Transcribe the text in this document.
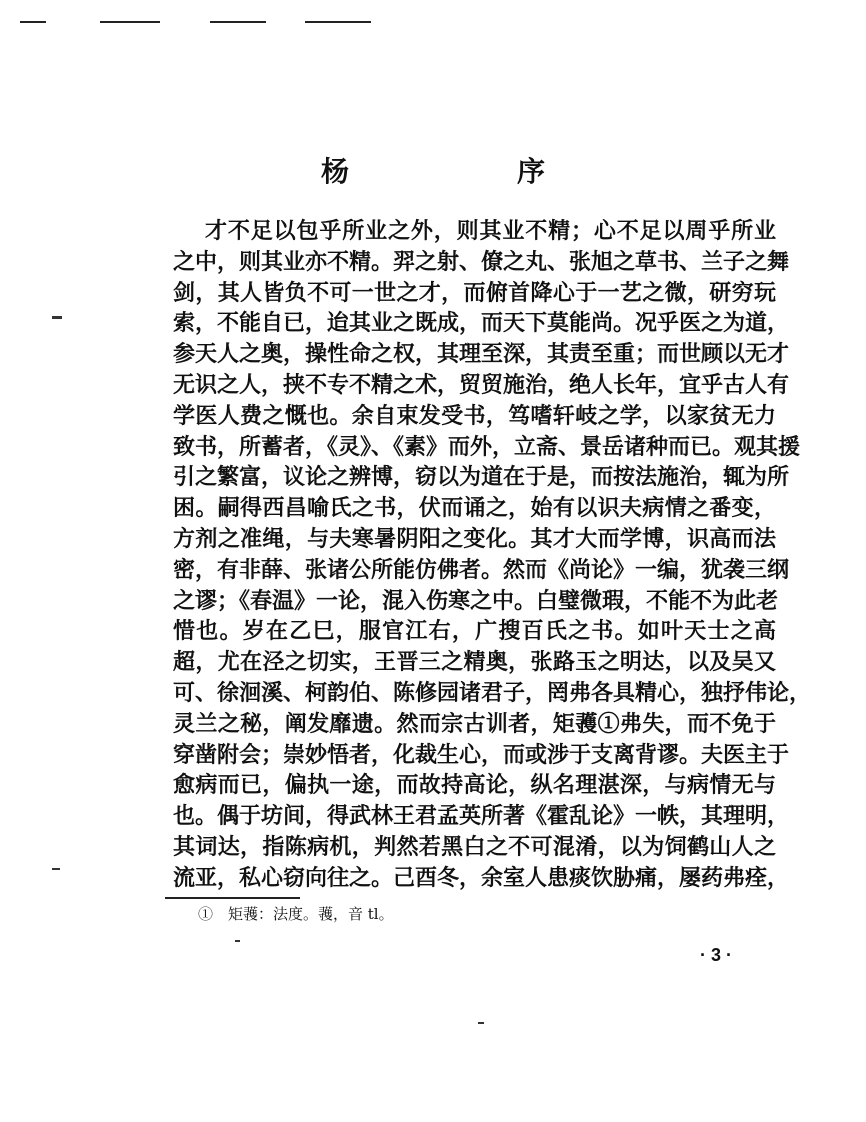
杨　序
才不足以包乎所业之外，则其业不精；心不足以周乎所业
之中，则其业亦不精。羿之射、僚之丸、张旭之草书、兰子之舞
剑，其人皆负不可一世之才，而俯首降心于一艺之微，研穷玩
索，不能自已，迨其业之既成，而天下莫能尚。况乎医之为道，
参天人之奥，操性命之权，其理至深，其责至重；而世顾以无才
无识之人，挟不专不精之术，贸贸施治，绝人长年，宜乎古人有
学医人费之慨也。余自束发受书，笃嗜轩岐之学，以家贫无力
致书，所蓄者，《灵》、《素》而外，立斋、景岳诸种而已。观其援
引之繁富，议论之辨博，窃以为道在于是，而按法施治，辄为所
困。嗣得西昌喻氏之书，伏而诵之，始有以识夫病情之番变，
方剂之准绳，与夫寒暑阴阳之变化。其才大而学博，识高而法
密，有非薛、张诸公所能仿佛者。然而《尚论》一编，犹袭三纲
之谬；《春温》一论，混入伤寒之中。白璧微瑕，不能不为此老
惜也。岁在乙巳，服官江右，广搜百氏之书。如叶天士之高
超，尤在泾之切实，王晋三之精奥，张路玉之明达，以及吴又
可、徐洄溪、柯韵伯、陈修园诸君子，罔弗各具精心，独抒伟论，
灵兰之秘，阐发靡遗。然而宗古训者，矩彟①弗失，而不免于
穿凿附会；崇妙悟者，化裁生心，而或涉于支离背谬。夫医主于
愈病而已，偏执一途，而故持高论，纵名理湛深，与病情无与
也。偶于坊间，得武林王君孟英所著《霍乱论》一帙，其理明，
其词达，指陈病机，判然若黑白之不可混淆，以为饲鹤山人之
流亚，私心窃向往之。己酉冬，余室人患痰饮胁痛，屡药弗痊，
①　矩彟：法度。彟，音 tl。
· 3 ·
